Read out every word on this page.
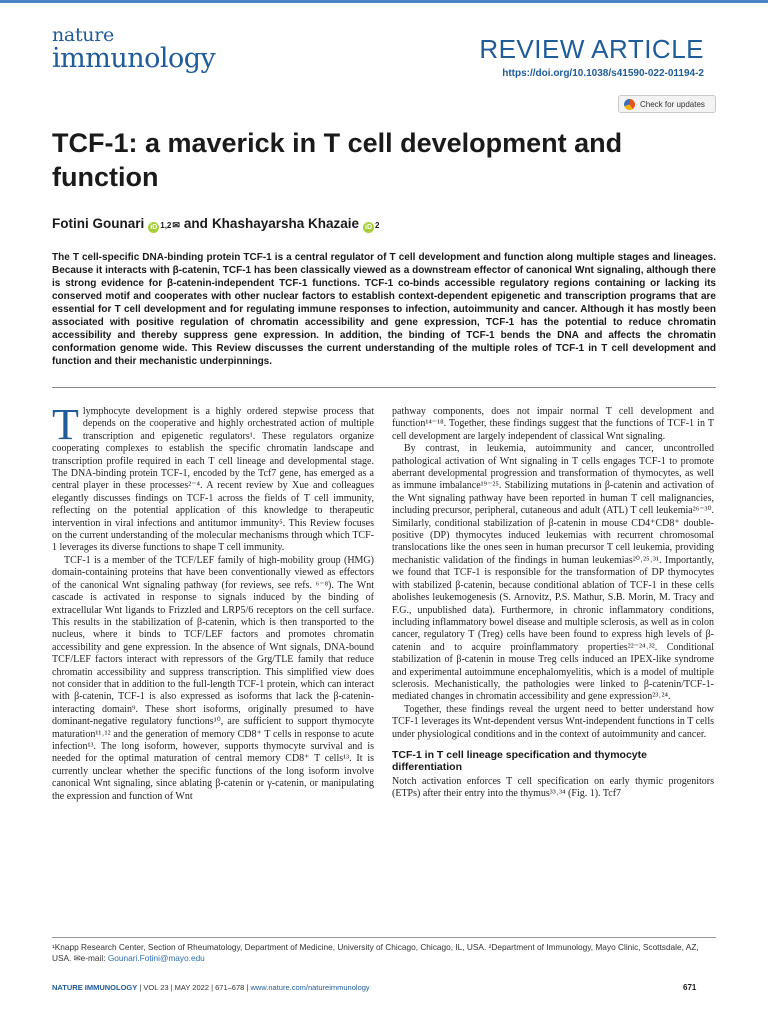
nature
immunology	REVIEW ARTICLE
https://doi.org/10.1038/s41590-022-01194-2
Check for updates
TCF-1: a maverick in T cell development and function
Fotini Gounari iD 1,2 ✉ and Khashayarsha Khazaie iD 2

The T cell-specific DNA-binding protein TCF-1 is a central regulator of T cell development and function along multiple stages and lineages. Because it interacts with β-catenin, TCF-1 has been classically viewed as a downstream effector of canonical Wnt signaling, although there is strong evidence for β-catenin-independent TCF-1 functions. TCF-1 co-binds accessible regulatory regions containing or lacking its conserved motif and cooperates with other nuclear factors to establish context-dependent epigenetic and transcription programs that are essential for T cell development and for regulating immune responses to infection, autoimmunity and cancer. Although it has mostly been associated with positive regulation of chromatin accessibility and gene expression, TCF-1 has the potential to reduce chromatin accessibility and thereby suppress gene expression. In addition, the binding of TCF-1 bends the DNA and affects the chromatin conformation genome wide. This Review discusses the current understanding of the multiple roles of TCF-1 in T cell development and function and their mechanistic underpinnings.

Tlymphocyte development is a highly ordered stepwise process that depends on the cooperative and highly orchestrated action of multiple transcription and epigenetic regulators¹. These regulators organize cooperating complexes to establish the specific chromatin landscape and transcription profile required in each T cell lineage and developmental stage. The DNA-binding protein TCF-1, encoded by the Tcf7 gene, has emerged as a central player in these processes²⁻⁴. A recent review by Xue and colleagues elegantly discusses findings on TCF-1 across the fields of T cell immunity, reflecting on the potential application of this knowledge to therapeutic intervention in viral infections and antitumor immunity⁵. This Review focuses on the current understanding of the molecular mechanisms through which TCF-1 leverages its diverse functions to shape T cell immunity.

TCF-1 is a member of the TCF/LEF family of high-mobility group (HMG) domain-containing proteins that have been conventionally viewed as effectors of the canonical Wnt signaling pathway (for reviews, see refs. ⁶⁻⁸). The Wnt cascade is activated in response to signals induced by the binding of extracellular Wnt ligands to Frizzled and LRP5/6 receptors on the cell surface. This results in the stabilization of β-catenin, which is then transported to the nucleus, where it binds to TCF/LEF factors and promotes chromatin accessibility and gene expression. In the absence of Wnt signals, DNA-bound TCF/LEF factors interact with repressors of the Grg/TLE family that reduce chromatin accessibility and suppress transcription. This simplified view does not consider that in addition to the full-length TCF-1 protein, which can interact with β-catenin, TCF-1 is also expressed as isoforms that lack the β-catenin-interacting domain⁹. These short isoforms, originally presumed to have dominant-negative regulatory functions¹⁰, are sufficient to support thymocyte maturation¹¹˒¹² and the generation of memory CD8⁺ T cells in response to acute infection¹³. The long isoform, however, supports thymocyte survival and is needed for the optimal maturation of central memory CD8⁺ T cells¹³. It is currently unclear whether the specific functions of the long isoform involve canonical Wnt signaling, since ablating β-catenin or γ-catenin, or manipulating the expression and function of Wnt

pathway components, does not impair normal T cell development and function¹⁴⁻¹⁸. Together, these findings suggest that the functions of TCF-1 in T cell development are largely independent of classical Wnt signaling.

By contrast, in leukemia, autoimmunity and cancer, uncontrolled pathological activation of Wnt signaling in T cells engages TCF-1 to promote aberrant developmental progression and transformation of thymocytes, as well as immune imbalance¹⁹⁻²⁵. Stabilizing mutations in β-catenin and activation of the Wnt signaling pathway have been reported in human T cell malignancies, including precursor, peripheral, cutaneous and adult (ATL) T cell leukemia²⁶⁻³⁰. Similarly, conditional stabilization of β-catenin in mouse CD4⁺CD8⁺ double-positive (DP) thymocytes induced leukemias with recurrent chromosomal translocations like the ones seen in human precursor T cell leukemia, providing mechanistic validation of the findings in human leukemias²⁰˒²⁵˒³¹. Importantly, we found that TCF-1 is responsible for the transformation of DP thymocytes with stabilized β-catenin, because conditional ablation of TCF-1 in these cells abolishes leukemogenesis (S. Arnovitz, P.S. Mathur, S.B. Morin, M. Tracy and F.G., unpublished data). Furthermore, in chronic inflammatory conditions, including inflammatory bowel disease and multiple sclerosis, as well as in colon cancer, regulatory T (Treg) cells have been found to express high levels of β-catenin and to acquire proinflammatory properties²²⁻²⁴˒³². Conditional stabilization of β-catenin in mouse Treg cells induced an IPEX-like syndrome and experimental autoimmune encephalomyelitis, which is a model of multiple sclerosis. Mechanistically, the pathologies were linked to β-catenin/TCF-1-mediated changes in chromatin accessibility and gene expression²³˒²⁴.

Together, these findings reveal the urgent need to better understand how TCF-1 leverages its Wnt-dependent versus Wnt-independent functions in T cells under physiological conditions and in the context of autoimmunity and cancer.

TCF-1 in T cell lineage specification and thymocyte differentiation

Notch activation enforces T cell specification on early thymic progenitors (ETPs) after their entry into the thymus³³˒³⁴ (Fig. 1). Tcf7

¹Knapp Research Center, Section of Rheumatology, Department of Medicine, University of Chicago, Chicago, IL, USA. ²Department of Immunology, Mayo Clinic, Scottsdale, AZ, USA. ✉e-mail: Gounari.Fotini@mayo.edu

NATURE IMMUNOLOGY | VOL 23 | MAY 2022 | 671–678 | www.nature.com/natureimmunology	671
